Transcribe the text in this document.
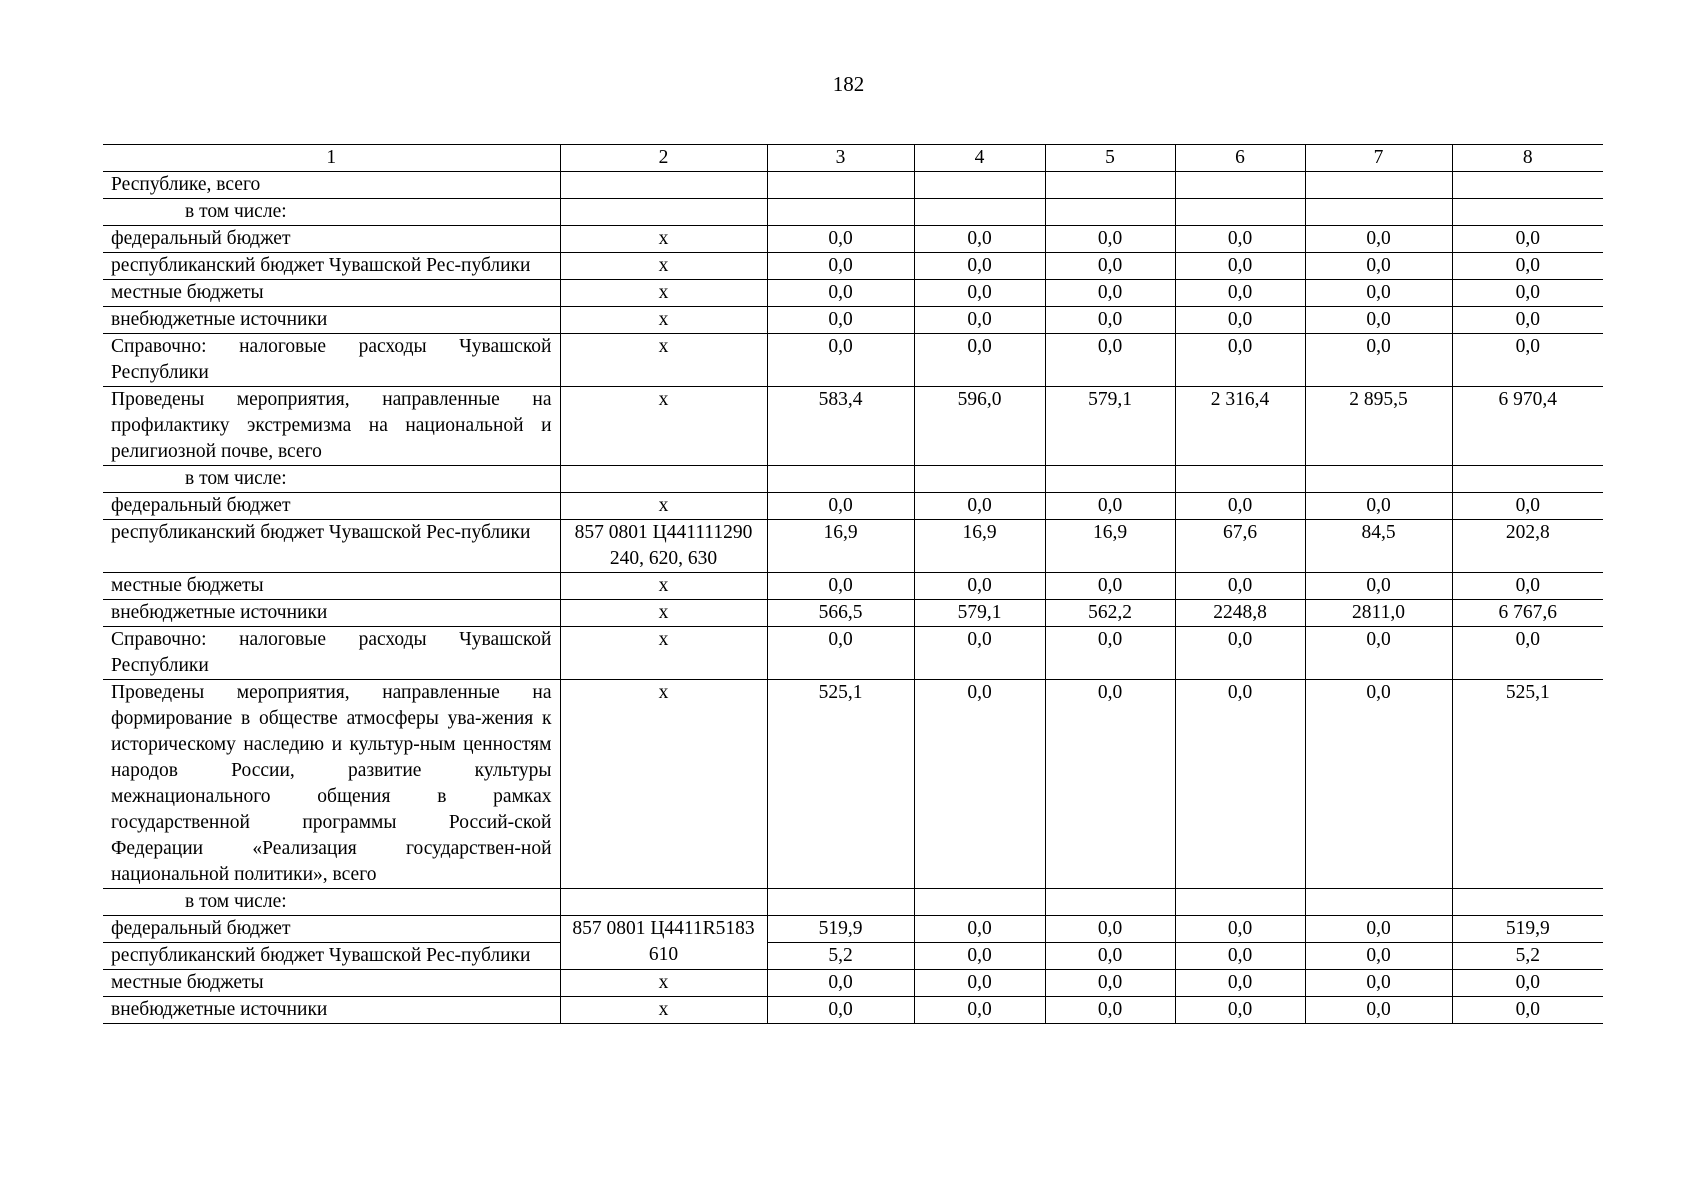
182
1	2	3	4	5	6	7	8
Республике, всего							
в том числе:							
федеральный бюджет	x	0,0	0,0	0,0	0,0	0,0	0,0
республиканский бюджет Чувашской Рес-публики	x	0,0	0,0	0,0	0,0	0,0	0,0
местные бюджеты	x	0,0	0,0	0,0	0,0	0,0	0,0
внебюджетные источники	x	0,0	0,0	0,0	0,0	0,0	0,0
Справочно: налоговые расходы Чувашской Республики	x	0,0	0,0	0,0	0,0	0,0	0,0
Проведены мероприятия, направленные на профилактику экстремизма на национальной и религиозной почве, всего	x	583,4	596,0	579,1	2 316,4	2 895,5	6 970,4
в том числе:							
федеральный бюджет	x	0,0	0,0	0,0	0,0	0,0	0,0
республиканский бюджет Чувашской Рес-публики	857 0801 Ц441111290 240, 620, 630	16,9	16,9	16,9	67,6	84,5	202,8
местные бюджеты	x	0,0	0,0	0,0	0,0	0,0	0,0
внебюджетные источники	x	566,5	579,1	562,2	2248,8	2811,0	6 767,6
Справочно: налоговые расходы Чувашской Республики	x	0,0	0,0	0,0	0,0	0,0	0,0
Проведены мероприятия, направленные на формирование в обществе атмосферы ува-жения к историческому наследию и культур-ным ценностям народов России, развитие культуры межнационального общения в рамках государственной программы Россий-ской Федерации «Реализация государствен-ной национальной политики», всего	x	525,1	0,0	0,0	0,0	0,0	525,1
в том числе:							
федеральный бюджет	857 0801 Ц4411R5183 610	519,9	0,0	0,0	0,0	0,0	519,9
республиканский бюджет Чувашской Рес-публики		5,2	0,0	0,0	0,0	0,0	5,2
местные бюджеты	x	0,0	0,0	0,0	0,0	0,0	0,0
внебюджетные источники	x	0,0	0,0	0,0	0,0	0,0	0,0
